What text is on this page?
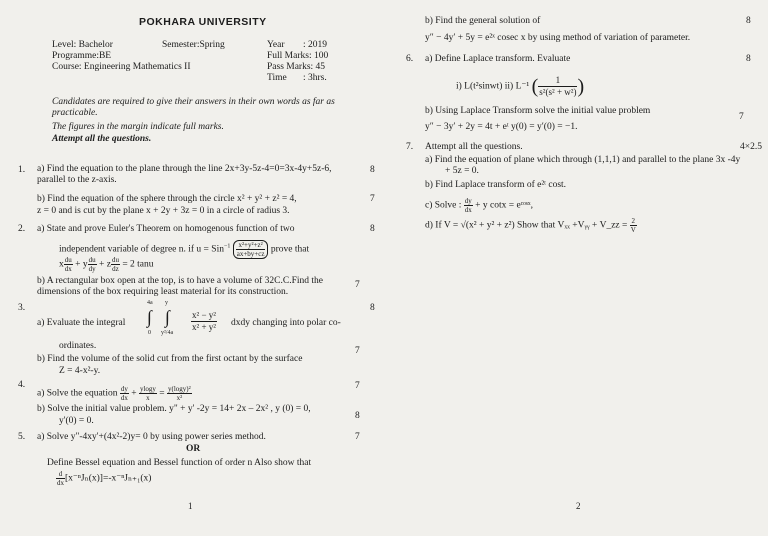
POKHARA UNIVERSITY
Level: Bachelor	Semester:Spring
Programme:BE
Course: Engineering Mathematics II
Year : 2019
Full Marks: 100
Pass Marks: 45
Time : 3hrs.
Candidates are required to give their answers in their own words as far as practicable.
The figures in the margin indicate full marks.
Attempt all the questions.
1. a) Find the equation to the plane through the line 2x+3y-5z-4=0=3x-4y+5z-6, parallel to the z-axis.
8
b) Find the equation of the sphere through the circle x² + y² + z² = 4,
z = 0 and is cut by the plane x + 2y + 3z = 0 in a circle of radius 3.
7
2. a) State and prove Euler's Theorem on homogenous function of two	8
independent variable of degree n. if $u = Sin^{-1} \frac{\text{x²+y²+z²}}{ax+by+cz}$ prove that
x $\frac{du}{dx} + y \frac{du}{dy} + z \frac{du}{dz} = 2$ tanu
b) A rectangular box open at the top, is to have a volume of 32C.C.Find the dimensions of the box requiring least material for its construction.
7
3.	8
a) Evaluate the integral
4a
∫
0
y
∫
$y^2/4a \frac{\text{x² − y²}}{\text{x² + y²}}$ dxdy changing into polar co-
ordinates.
b) Find the volume of the solid cut from the first octant by the surface
Z = 4-x²-y.
7
4.
a) Solve the equation $\frac{dy}{dx} + \frac{ylogy}{x} = \frac{\text{y(logy)²}}{\text{x²}}$	7
b) Solve the initial value problem. y" + y' -2y = 14+ 2x – 2x² , y (0) = 0,
y'(0) = 0.	8
5. a) Solve y"-4xy'+(4x²-2)y= 0 by using power series method.	7
OR
Define Bessel equation and Bessel function of order n Also show that
$\frac{d}{dx} [x^{-n}J_n(x)]=-x^{-n}J_{n+1}(x)$
1
b) Find the general solution of	8
y″ − 4y′ + 5y = e²ˣ cosec x by using method of variation of parameter.
6. a) Define Laplace transform. Evaluate	8
i) L(t²sinwt) ii) L⁻¹ ( $\frac{1}{\text{s²(s² + w²)}}$ )
b) Using Laplace Transform solve the initial value problem
7
y″ − 3y′ + 2y = 4t + eᵗ y(0) = y′(0) = −1.
7. Attempt all the questions.	4×2.5
a) Find the equation of plane which through (1,1,1) and parallel to the plane 3x -4y + 5z = 0.
b) Find Laplace transform of e²ᵗ cost.
c) Solve : $\frac{dy}{dx} + y$ cotx = eᶜᵒˢˣ,
d) If V = √(x² + y² + z²) Show that Vₓₓ +Vᵧᵧ + V_zz = $\frac{2}{V}$
2
